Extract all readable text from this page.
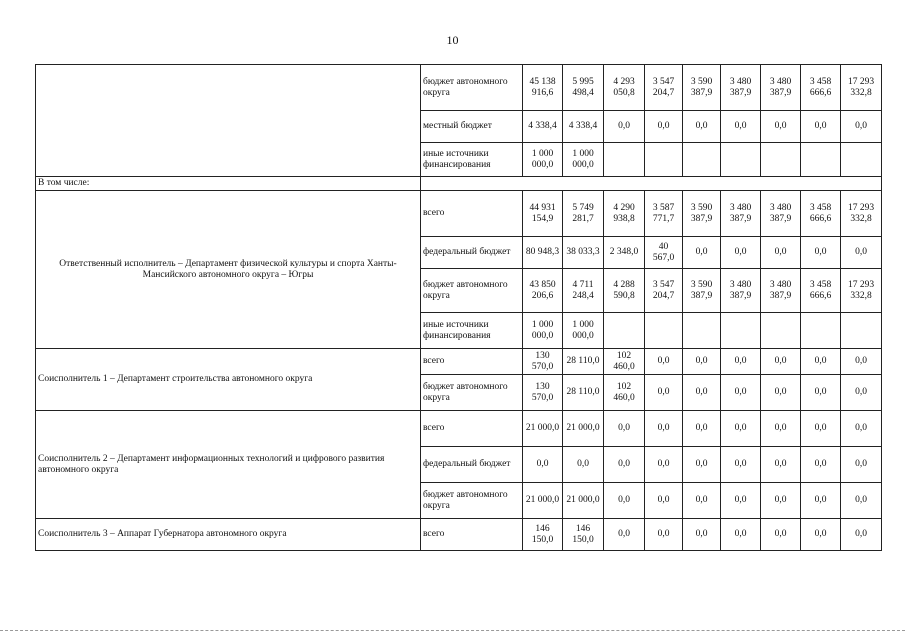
10
	бюджет автономного округа	45 138 916,6	5 995 498,4	4 293 050,8	3 547 204,7	3 590 387,9	3 480 387,9	3 480 387,9	3 458 666,6	17 293 332,8
	местный бюджет	4 338,4	4 338,4	0,0	0,0	0,0	0,0	0,0	0,0	0,0
	иные источники финансирования	1 000 000,0	1 000 000,0							
В том числе:										
Ответственный исполнитель – Департамент физической культуры и спорта Ханты-Мансийского автономного округа – Югры	всего	44 931 154,9	5 749 281,7	4 290 938,8	3 587 771,7	3 590 387,9	3 480 387,9	3 480 387,9	3 458 666,6	17 293 332,8
	федеральный бюджет	80 948,3	38 033,3	2 348,0	40 567,0	0,0	0,0	0,0	0,0	0,0
	бюджет автономного округа	43 850 206,6	4 711 248,4	4 288 590,8	3 547 204,7	3 590 387,9	3 480 387,9	3 480 387,9	3 458 666,6	17 293 332,8
	иные источники финансирования	1 000 000,0	1 000 000,0							
Соисполнитель 1 – Департамент строительства автономного округа	всего	130 570,0	28 110,0	102 460,0	0,0	0,0	0,0	0,0	0,0	0,0
	бюджет автономного округа	130 570,0	28 110,0	102 460,0	0,0	0,0	0,0	0,0	0,0	0,0
Соисполнитель 2 – Департамент информационных технологий и цифрового развития автономного округа	всего	21 000,0	21 000,0	0,0	0,0	0,0	0,0	0,0	0,0	0,0
	федеральный бюджет	0,0	0,0	0,0	0,0	0,0	0,0	0,0	0,0	0,0
	бюджет автономного округа	21 000,0	21 000,0	0,0	0,0	0,0	0,0	0,0	0,0	0,0
Соисполнитель 3 – Аппарат Губернатора автономного округа	всего	146 150,0	146 150,0	0,0	0,0	0,0	0,0	0,0	0,0	0,0
